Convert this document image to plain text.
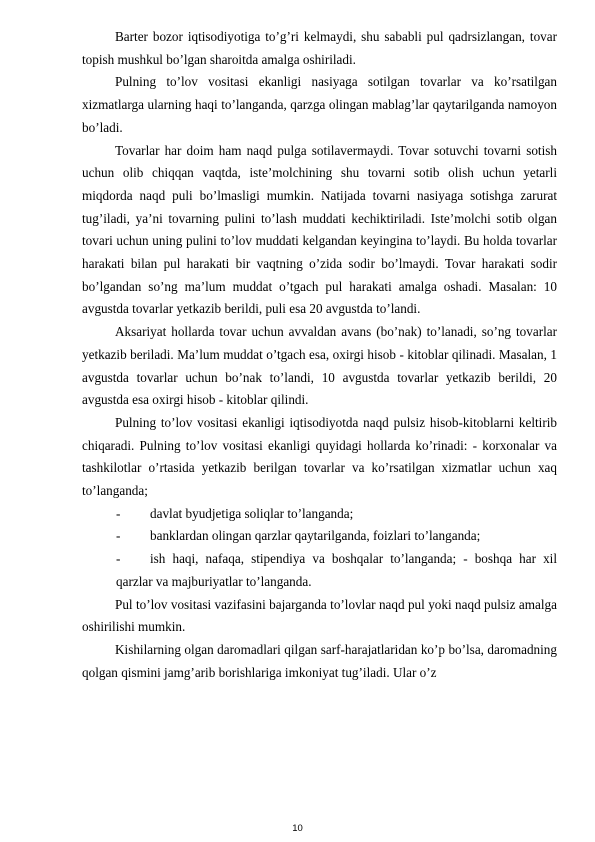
Barter bozor iqtisodiyotiga to’g’ri kelmaydi, shu sababli pul qadrsizlangan, tovar topish mushkul bo’lgan sharoitda amalga oshiriladi.

Pulning to’lov vositasi ekanligi nasiyaga sotilgan tovarlar va ko’rsatilgan xizmatlarga ularning haqi to’langanda, qarzga olingan mablag’lar qaytarilganda namoyon bo’ladi.

Tovarlar har doim ham naqd pulga sotilavermaydi. Tovar sotuvchi tovarni sotish uchun olib chiqqan vaqtda, iste’molchining shu tovarni sotib olish uchun yetarli miqdorda naqd puli bo’lmasligi mumkin. Natijada tovarni nasiyaga sotishga zarurat tug’iladi, ya’ni tovarning pulini to’lash muddati kechiktiriladi. Iste’molchi sotib olgan tovari uchun uning pulini to’lov muddati kelgandan keyingina to’laydi. Bu holda tovarlar harakati bilan pul harakati bir vaqtning o’zida sodir bo’lmaydi. Tovar harakati sodir bo’lgandan so’ng ma’lum muddat o’tgach pul harakati amalga oshadi. Masalan: 10 avgustda tovarlar yetkazib berildi, puli esa 20 avgustda to’landi.

Aksariyat hollarda tovar uchun avvaldan avans (bo’nak) to’lanadi, so’ng tovarlar yetkazib beriladi. Ma’lum muddat o’tgach esa, oxirgi hisob - kitoblar qilinadi. Masalan, 1 avgustda tovarlar uchun bo’nak to’landi, 10 avgustda tovarlar yetkazib berildi, 20 avgustda esa oxirgi hisob - kitoblar qilindi.

Pulning to’lov vositasi ekanligi iqtisodiyotda naqd pulsiz hisob-kitoblarni keltirib chiqaradi. Pulning to’lov vositasi ekanligi quyidagi hollarda ko’rinadi: - korxonalar va tashkilotlar o’rtasida yetkazib berilgan tovarlar va ko’rsatilgan xizmatlar uchun xaq to’langanda;

-	davlat byudjetiga soliqlar to’langanda;
-	banklardan olingan qarzlar qaytarilganda, foizlari to’langanda;

- ish haqi, nafaqa, stipendiya va boshqalar to’langanda; - boshqa har xil qarzlar va majburiyatlar to’langanda.

Pul to’lov vositasi vazifasini bajarganda to’lovlar naqd pul yoki naqd pulsiz amalga oshirilishi mumkin.

Kishilarning olgan daromadlari qilgan sarf-harajatlaridan ko’p bo’lsa, daromadning qolgan qismini jamg’arib borishlariga imkoniyat tug’iladi. Ular o’z

10
